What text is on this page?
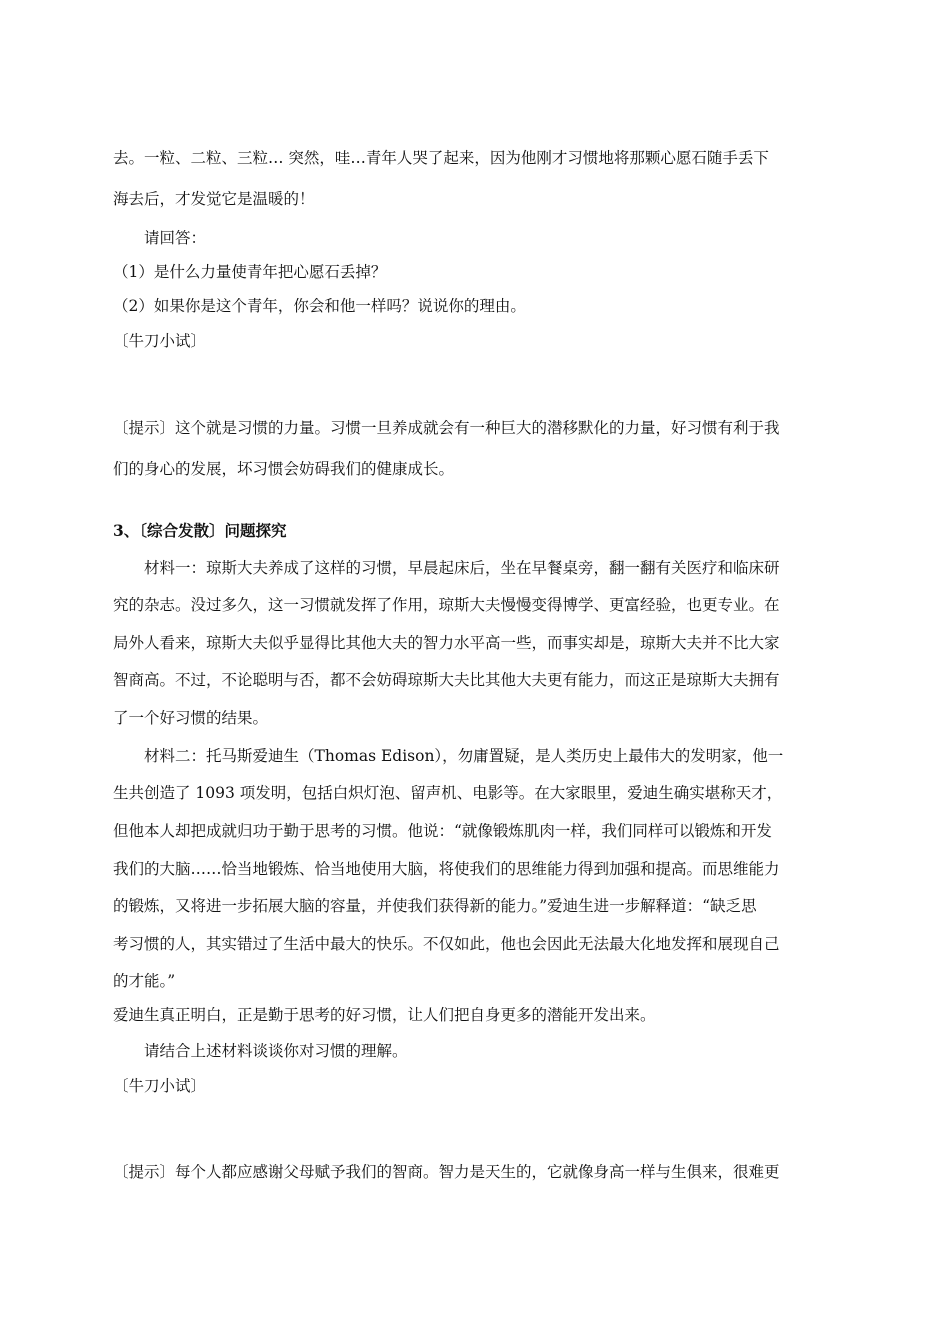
去。一粒、二粒、三粒… 突然，哇…青年人哭了起来，因为他刚才习惯地将那颗心愿石随手丢下
海去后，才发觉它是温暖的！
请回答：
（1）是什么力量使青年把心愿石丢掉？
（2）如果你是这个青年，你会和他一样吗？说说你的理由。
〔牛刀小试〕
〔提示〕这个就是习惯的力量。习惯一旦养成就会有一种巨大的潜移默化的力量，好习惯有利于我
们的身心的发展，坏习惯会妨碍我们的健康成长。
3、〔综合发散〕问题探究
材料一：琼斯大夫养成了这样的习惯，早晨起床后，坐在早餐桌旁，翻一翻有关医疗和临床研
究的杂志。没过多久，这一习惯就发挥了作用，琼斯大夫慢慢变得博学、更富经验，也更专业。在
局外人看来，琼斯大夫似乎显得比其他大夫的智力水平高一些，而事实却是，琼斯大夫并不比大家
智商高。不过，不论聪明与否，都不会妨碍琼斯大夫比其他大夫更有能力，而这正是琼斯大夫拥有
了一个好习惯的结果。
材料二：托马斯爱迪生（Thomas Edison），勿庸置疑，是人类历史上最伟大的发明家，他一
生共创造了 1093 项发明，包括白炽灯泡、留声机、电影等。在大家眼里，爱迪生确实堪称天才，
但他本人却把成就归功于勤于思考的习惯。他说：“就像锻炼肌肉一样，我们同样可以锻炼和开发
我们的大脑……恰当地锻炼、恰当地使用大脑，将使我们的思维能力得到加强和提高。而思维能力
的锻炼，又将进一步拓展大脑的容量，并使我们获得新的能力。”爱迪生进一步解释道：“缺乏思
考习惯的人，其实错过了生活中最大的快乐。不仅如此，他也会因此无法最大化地发挥和展现自己
的才能。”
爱迪生真正明白，正是勤于思考的好习惯，让人们把自身更多的潜能开发出来。
请结合上述材料谈谈你对习惯的理解。
〔牛刀小试〕
〔提示〕每个人都应感谢父母赋予我们的智商。智力是天生的，它就像身高一样与生俱来，很难更
